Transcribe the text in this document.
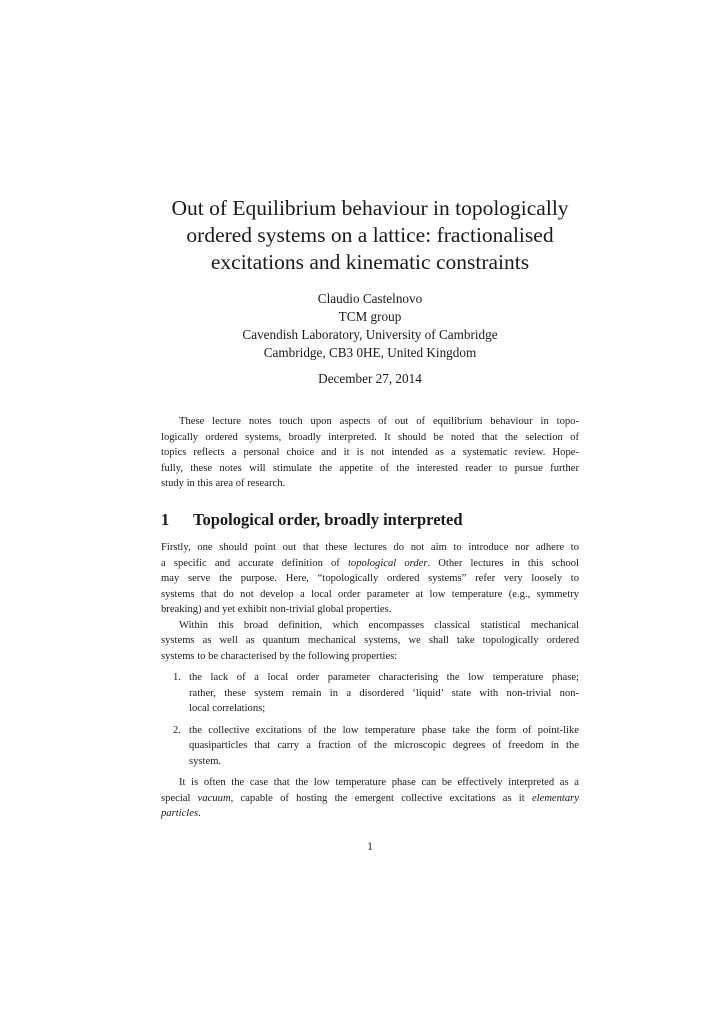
Out of Equilibrium behaviour in topologically
ordered systems on a lattice: fractionalised
excitations and kinematic constraints
Claudio Castelnovo
TCM group
Cavendish Laboratory, University of Cambridge
Cambridge, CB3 0HE, United Kingdom
December 27, 2014
These lecture notes touch upon aspects of out of equilibrium behaviour in topo-
logically ordered systems, broadly interpreted. It should be noted that the selection of
topics reflects a personal choice and it is not intended as a systematic review. Hope-
fully, these notes will stimulate the appetite of the interested reader to pursue further
study in this area of research.
1 Topological order, broadly interpreted
Firstly, one should point out that these lectures do not aim to introduce nor adhere to
a specific and accurate definition of topological order. Other lectures in this school
may serve the purpose. Here, “topologically ordered systems” refer very loosely to
systems that do not develop a local order parameter at low temperature (e.g., symmetry
breaking) and yet exhibit non-trivial global properties.
Within this broad definition, which encompasses classical statistical mechanical
systems as well as quantum mechanical systems, we shall take topologically ordered
systems to be characterised by the following properties:
1. the lack of a local order parameter characterising the low temperature phase;
rather, these system remain in a disordered ‘liquid’ state with non-trivial non-
local correlations;
2. the collective excitations of the low temperature phase take the form of point-like
quasiparticles that carry a fraction of the microscopic degrees of freedom in the
system.
It is often the case that the low temperature phase can be effectively interpreted as a
special vacuum, capable of hosting the emergent collective excitations as it elementary
particles.
1
